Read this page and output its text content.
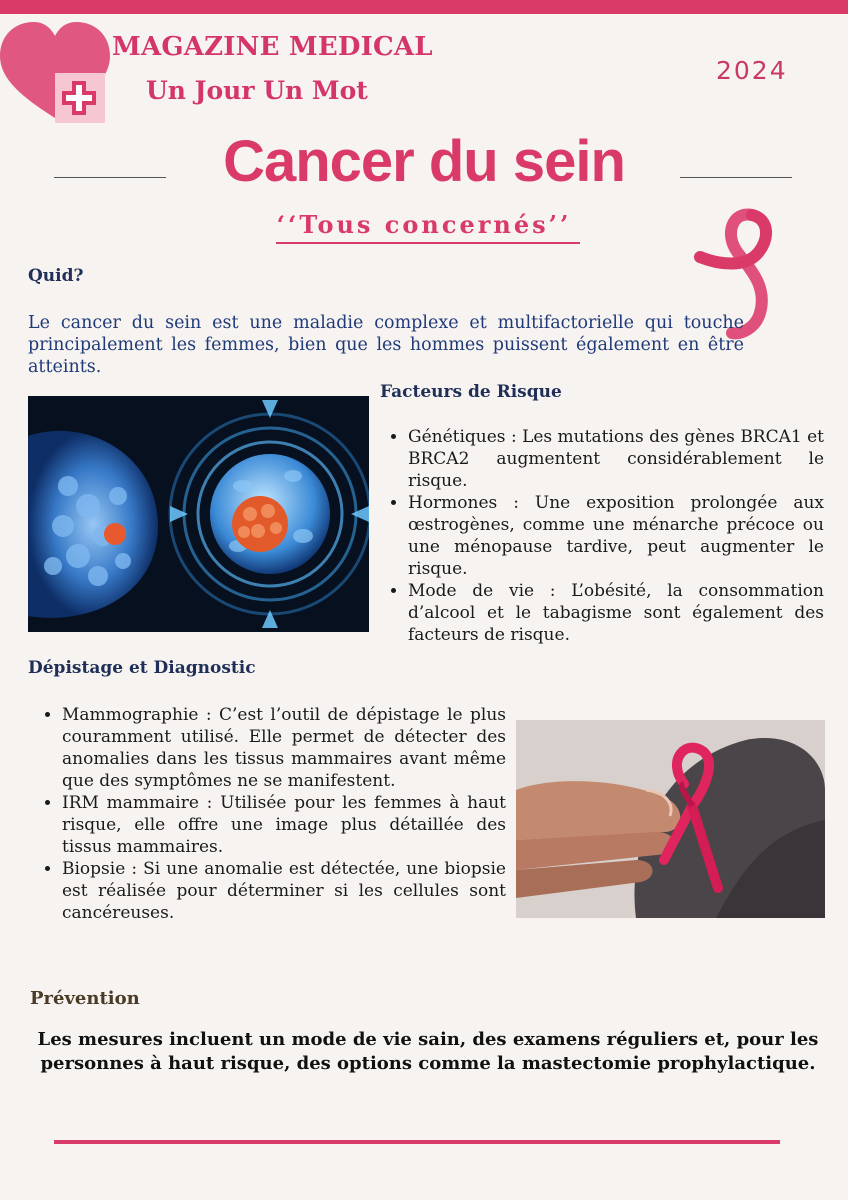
MAGAZINE MEDICAL
Un Jour Un Mot
2024
Cancer du sein
‘‘Tous concernés’’
Quid?
Le cancer du sein est une maladie complexe et multifactorielle qui touche principalement les femmes, bien que les hommes puissent également en être atteints.
Facteurs de Risque
• Génétiques : Les mutations des gènes BRCA1 et BRCA2 augmentent considérablement le risque.
• Hormones : Une exposition prolongée aux œstrogènes, comme une ménarche précoce ou une ménopause tardive, peut augmenter le risque.
• Mode de vie : L’obésité, la consommation d’alcool et le tabagisme sont également des facteurs de risque.
Dépistage et Diagnostic
• Mammographie : C’est l’outil de dépistage le plus couramment utilisé. Elle permet de détecter des anomalies dans les tissus mammaires avant même que des symptômes ne se manifestent.
• IRM mammaire : Utilisée pour les femmes à haut risque, elle offre une image plus détaillée des tissus mammaires.
• Biopsie : Si une anomalie est détectée, une biopsie est réalisée pour déterminer si les cellules sont cancéreuses.
Prévention
Les mesures incluent un mode de vie sain, des examens réguliers et, pour les personnes à haut risque, des options comme la mastectomie prophylactique.
